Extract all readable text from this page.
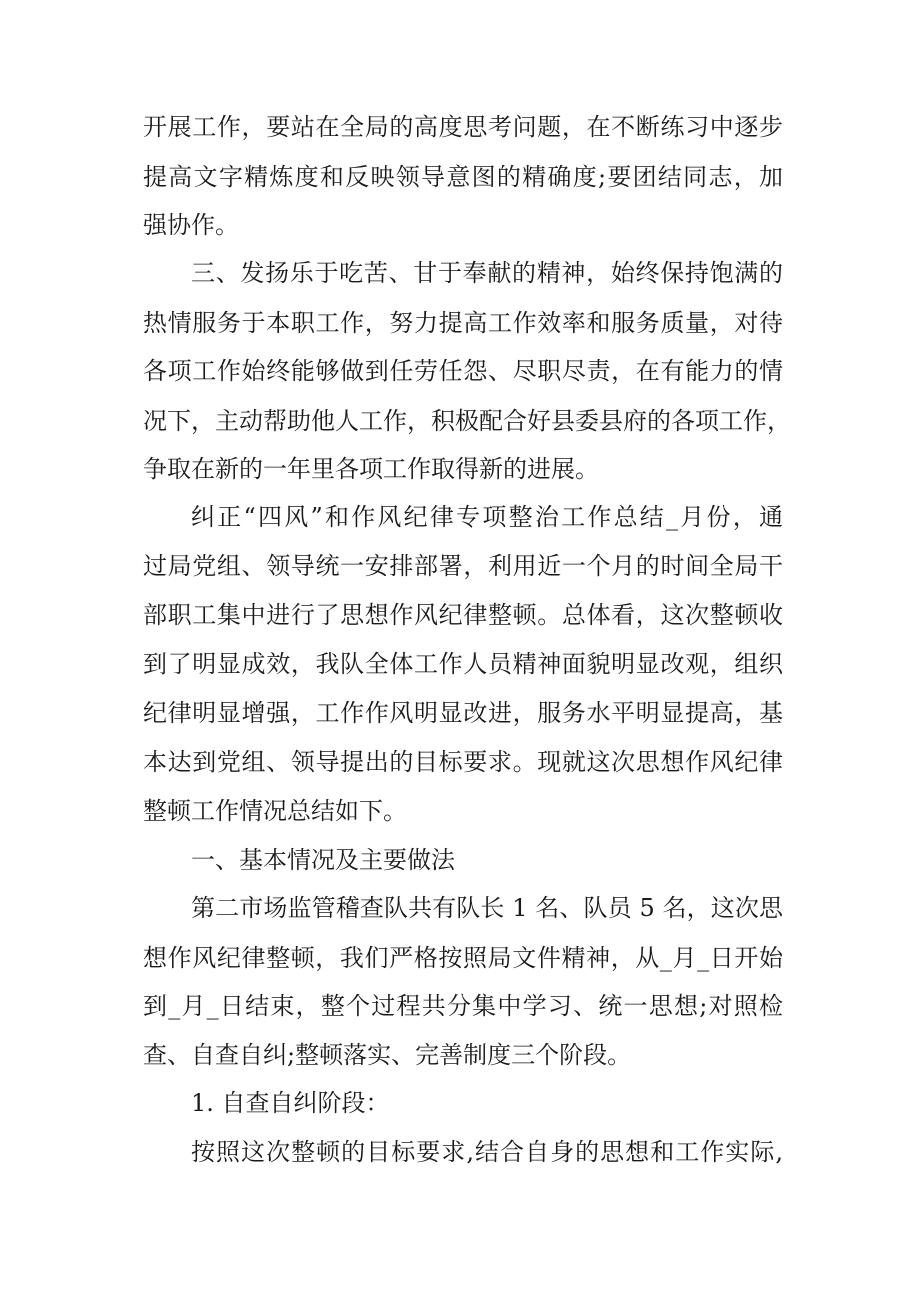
开展工作，要站在全局的高度思考问题，在不断练习中逐步
提高文字精炼度和反映领导意图的精确度;要团结同志，加
强协作。
三、发扬乐于吃苦、甘于奉献的精神，始终保持饱满的
热情服务于本职工作，努力提高工作效率和服务质量，对待
各项工作始终能够做到任劳任怨、尽职尽责，在有能力的情
况下，主动帮助他人工作，积极配合好县委县府的各项工作，
争取在新的一年里各项工作取得新的进展。
纠正“四风”和作风纪律专项整治工作总结_月份，通
过局党组、领导统一安排部署，利用近一个月的时间全局干
部职工集中进行了思想作风纪律整顿。总体看，这次整顿收
到了明显成效，我队全体工作人员精神面貌明显改观，组织
纪律明显增强，工作作风明显改进，服务水平明显提高，基
本达到党组、领导提出的目标要求。现就这次思想作风纪律
整顿工作情况总结如下。
一、基本情况及主要做法
第二市场监管稽查队共有队长 1 名、队员 5 名，这次思
想作风纪律整顿，我们严格按照局文件精神，从_月_日开始
到_月_日结束，整个过程共分集中学习、统一思想;对照检
查、自查自纠;整顿落实、完善制度三个阶段。
1. 自查自纠阶段：
按照这次整顿的目标要求,结合自身的思想和工作实际,
